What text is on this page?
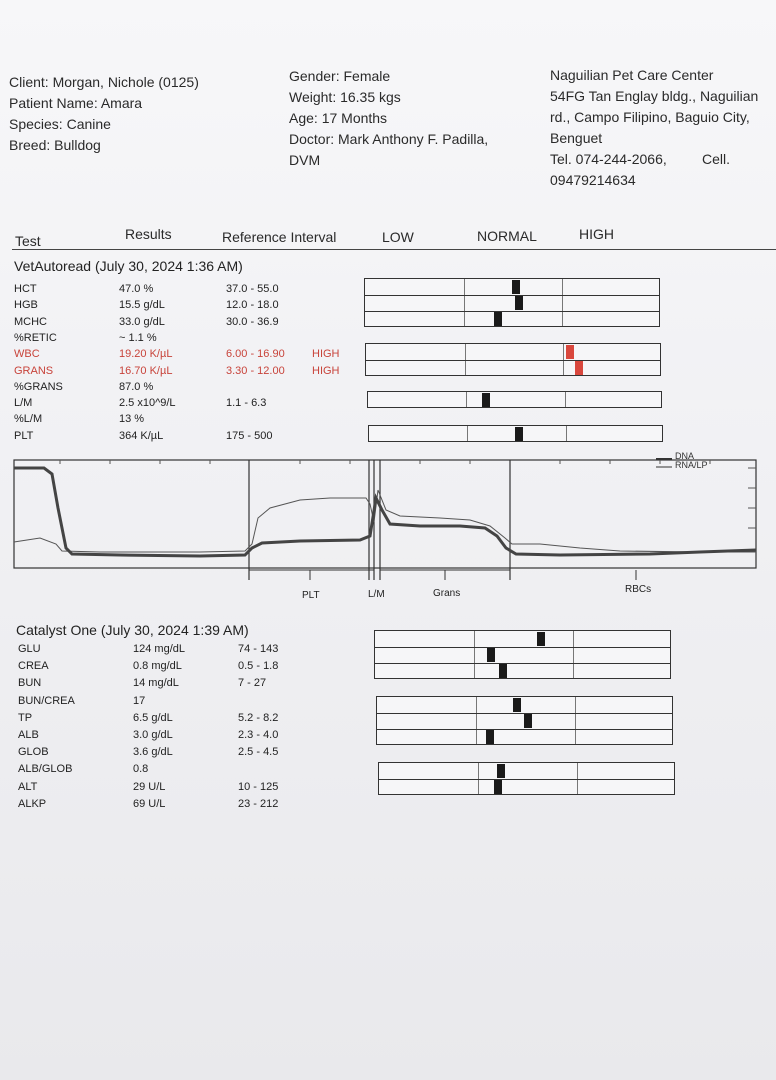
Client: Morgan, Nichole (0125)
Patient Name: Amara
Species: Canine
Breed: Bulldog
Gender: Female
Weight: 16.35 kgs
Age: 17 Months
Doctor: Mark Anthony F. Padilla,
DVM
Naguilian Pet Care Center
54FG Tan Englay bldg., Naguilian
rd., Campo Filipino, Baguio City,
Benguet
Tel. 074-244-2066,	Cell.
09479214634
Test	Results	Reference Interval	LOW	NORMAL	HIGH
VetAutoread (July 30, 2024 1:36 AM)
HCT	47.0 %	37.0 - 55.0
HGB	15.5 g/dL	12.0 - 18.0
MCHC	33.0 g/dL	30.0 - 36.9
%RETIC	~ 1.1 %
WBC	19.20 K/µL	6.00 - 16.90 HIGH
GRANS	16.70 K/µL	3.30 - 12.00 HIGH
%GRANS	87.0 %
L/M	2.5 x10^9/L	1.1 - 6.3
%L/M	13 %
PLT	364 K/µL	175 - 500
DNA
RNA/LP
PLT	L/M	Grans	RBCs
Catalyst One (July 30, 2024 1:39 AM)
GLU	124 mg/dL	74 - 143
CREA	0.8 mg/dL	0.5 - 1.8
BUN	14 mg/dL	7 - 27
BUN/CREA	17
TP	6.5 g/dL	5.2 - 8.2
ALB	3.0 g/dL	2.3 - 4.0
GLOB	3.6 g/dL	2.5 - 4.5
ALB/GLOB	0.8
ALT	29 U/L	10 - 125
ALKP	69 U/L	23 - 212
